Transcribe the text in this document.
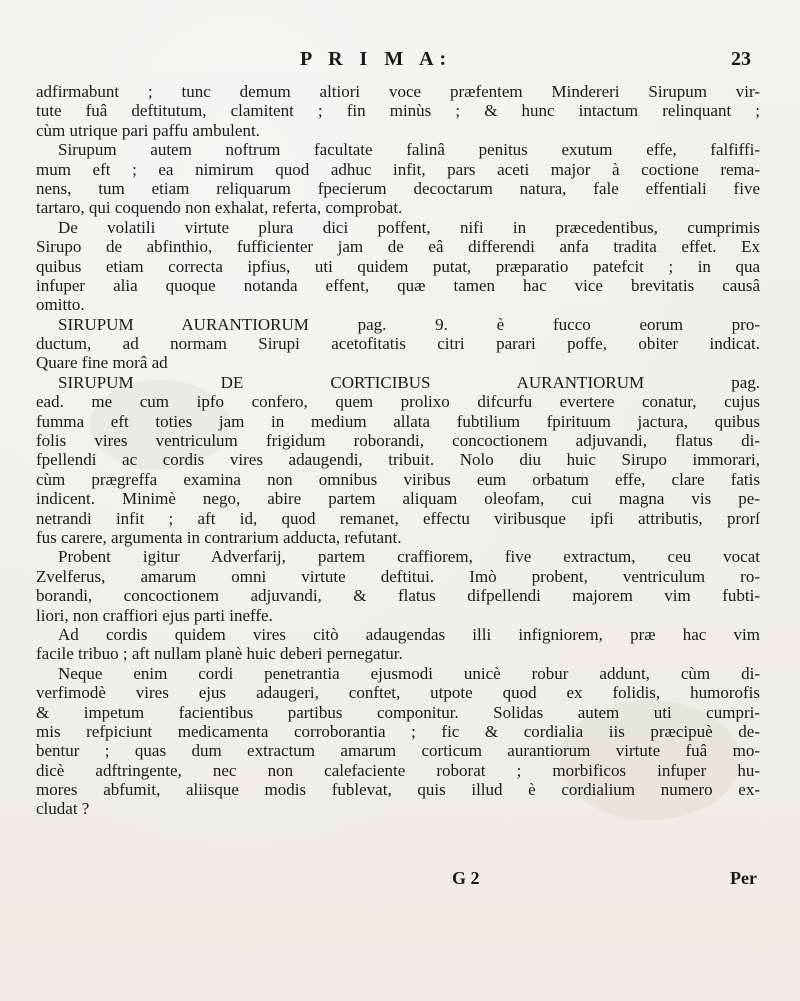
P R I M A:	23
adfirmabunt ; tunc demum altiori voce præfentem Mindereri Sirupum vir-
tute fuâ deftitutum, clamitent ; fin minùs ; & hunc intactum relinquant ;
cùm utrique pari paffu ambulent.
Sirupum autem noftrum facultate falinâ penitus exutum effe, falfiffi-
mum eft ; ea nimirum quod adhuc infit, pars aceti major à coctione rema-
nens, tum etiam reliquarum fpecierum decoctarum natura, fale effentiali five
tartaro, qui coquendo non exhalat, referta, comprobat.
De volatili virtute plura dici poffent, nifi in præcedentibus, cumprimis
Sirupo de abfinthio, fufficienter jam de eâ differendi anfa tradita effet. Ex
quibus etiam correcta ipfius, uti quidem putat, præparatio patefcit ; in qua
infuper alia quoque notanda effent, quæ tamen hac vice brevitatis causâ
omitto.
SIRUPUM AURANTIORUM pag. 9. è fucco eorum pro-
ductum, ad normam Sirupi acetofitatis citri parari poffe, obiter indicat.
Quare fine morâ ad
SIRUPUM DE CORTICIBUS AURANTIORUM pag.
ead. me cum ipfo confero, quem prolixo difcurfu evertere conatur, cujus
fumma eft toties jam in medium allata fubtilium fpirituum jactura, quibus
folis vires ventriculum frigidum roborandi, concoctionem adjuvandi, flatus di-
fpellendi ac cordis vires adaugendi, tribuit. Nolo diu huic Sirupo immorari,
cùm prægreffa examina non omnibus viribus eum orbatum effe, clare fatis
indicent. Minimè nego, abire partem aliquam oleofam, cui magna vis pe-
netrandi infit ; aft id, quod remanet, effectu viribusque ipfi attributis, prorſ
fus carere, argumenta in contrarium adducta, refutant.
Probent igitur Adverfarij, partem craffiorem, five extractum, ceu vocat
Zvelferus, amarum omni virtute deftitui. Imò probent, ventriculum ro-
borandi, concoctionem adjuvandi, & flatus difpellendi majorem vim fubti-
liori, non craffiori ejus parti ineffe.
Ad cordis quidem vires citò adaugendas illi infigniorem, præ hac vim
facile tribuo ; aft nullam planè huic deberi pernegatur.
Neque enim cordi penetrantia ejusmodi unicè robur addunt, cùm di-
verfimodè vires ejus adaugeri, conftet, utpote quod ex folidis, humorofis
& impetum facientibus partibus componitur. Solidas autem uti cumpri-
mis refpiciunt medicamenta corroborantia ; fic & cordialia iis præcipuè de-
bentur ; quas dum extractum amarum corticum aurantiorum virtute fuâ mo-
dicè adftringente, nec non calefaciente roborat ; morbificos infuper hu-
mores abfumit, aliisque modis fublevat, quis illud è cordialium numero ex-
cludat ?
G 2	Per
